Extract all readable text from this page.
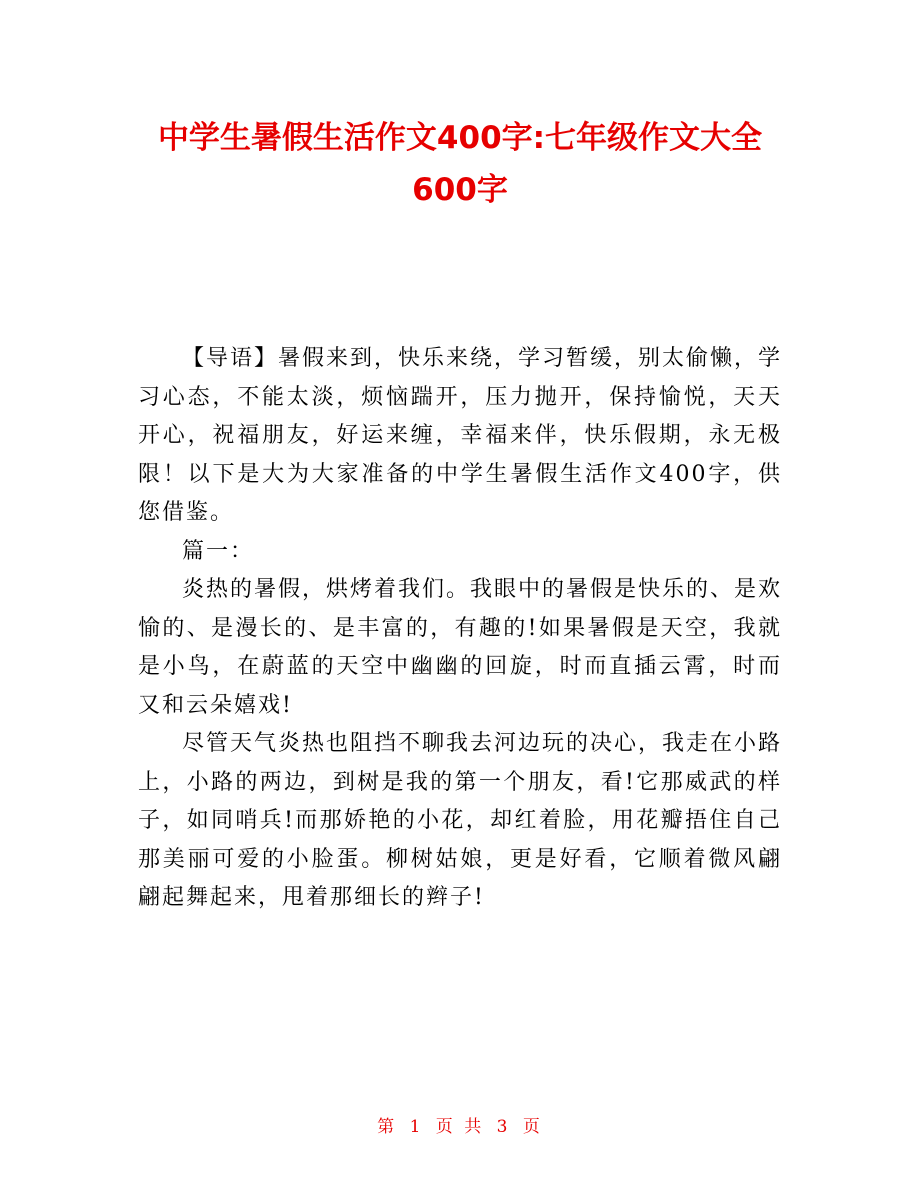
中学生暑假生活作文400字:七年级作文大全600字

【导语】暑假来到，快乐来绕，学习暂缓，别太偷懒，学习心态，不能太淡，烦恼踹开，压力抛开，保持愉悦，天天开心，祝福朋友，好运来缠，幸福来伴，快乐假期，永无极限！以下是大为大家准备的中学生暑假生活作文400字，供您借鉴。

篇一：

炎热的暑假，烘烤着我们。我眼中的暑假是快乐的、是欢愉的、是漫长的、是丰富的，有趣的!如果暑假是天空，我就是小鸟，在蔚蓝的天空中幽幽的回旋，时而直插云霄，时而又和云朵嬉戏!

尽管天气炎热也阻挡不聊我去河边玩的决心，我走在小路上，小路的两边，到树是我的第一个朋友，看!它那威武的样子，如同哨兵!而那娇艳的小花，却红着脸，用花瓣捂住自己那美丽可爱的小脸蛋。柳树姑娘，更是好看，它顺着微风翩翩起舞起来，甩着那细长的辫子!

第 1 页 共 3 页
